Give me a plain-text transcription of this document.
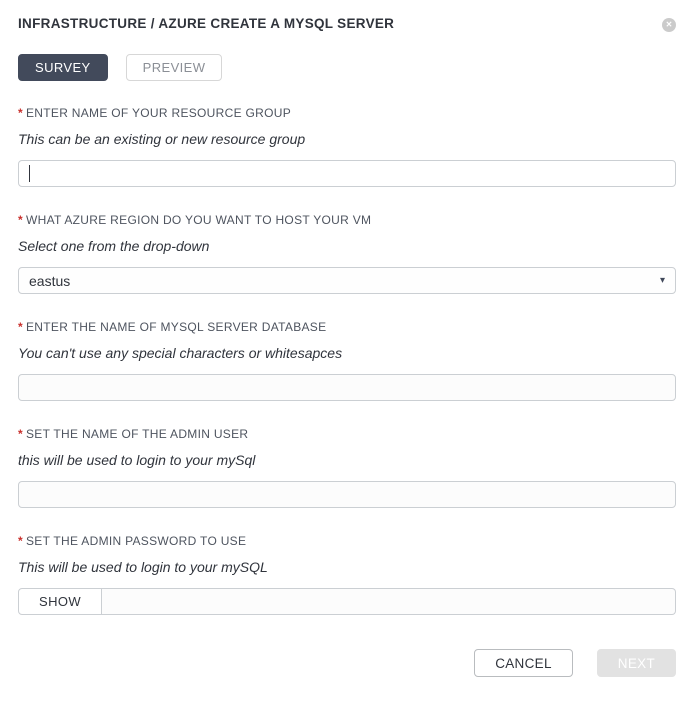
INFRASTRUCTURE / AZURE CREATE A MYSQL SERVER	✕
SURVEY	PREVIEW
* ENTER NAME OF YOUR RESOURCE GROUP
This can be an existing or new resource group
* WHAT AZURE REGION DO YOU WANT TO HOST YOUR VM
Select one from the drop-down
eastus	▾
* ENTER THE NAME OF MYSQL SERVER DATABASE
You can't use any special characters or whitesapces
* SET THE NAME OF THE ADMIN USER
this will be used to login to your mySql
* SET THE ADMIN PASSWORD TO USE
This will be used to login to your mySQL
SHOW
CANCEL	NEXT
